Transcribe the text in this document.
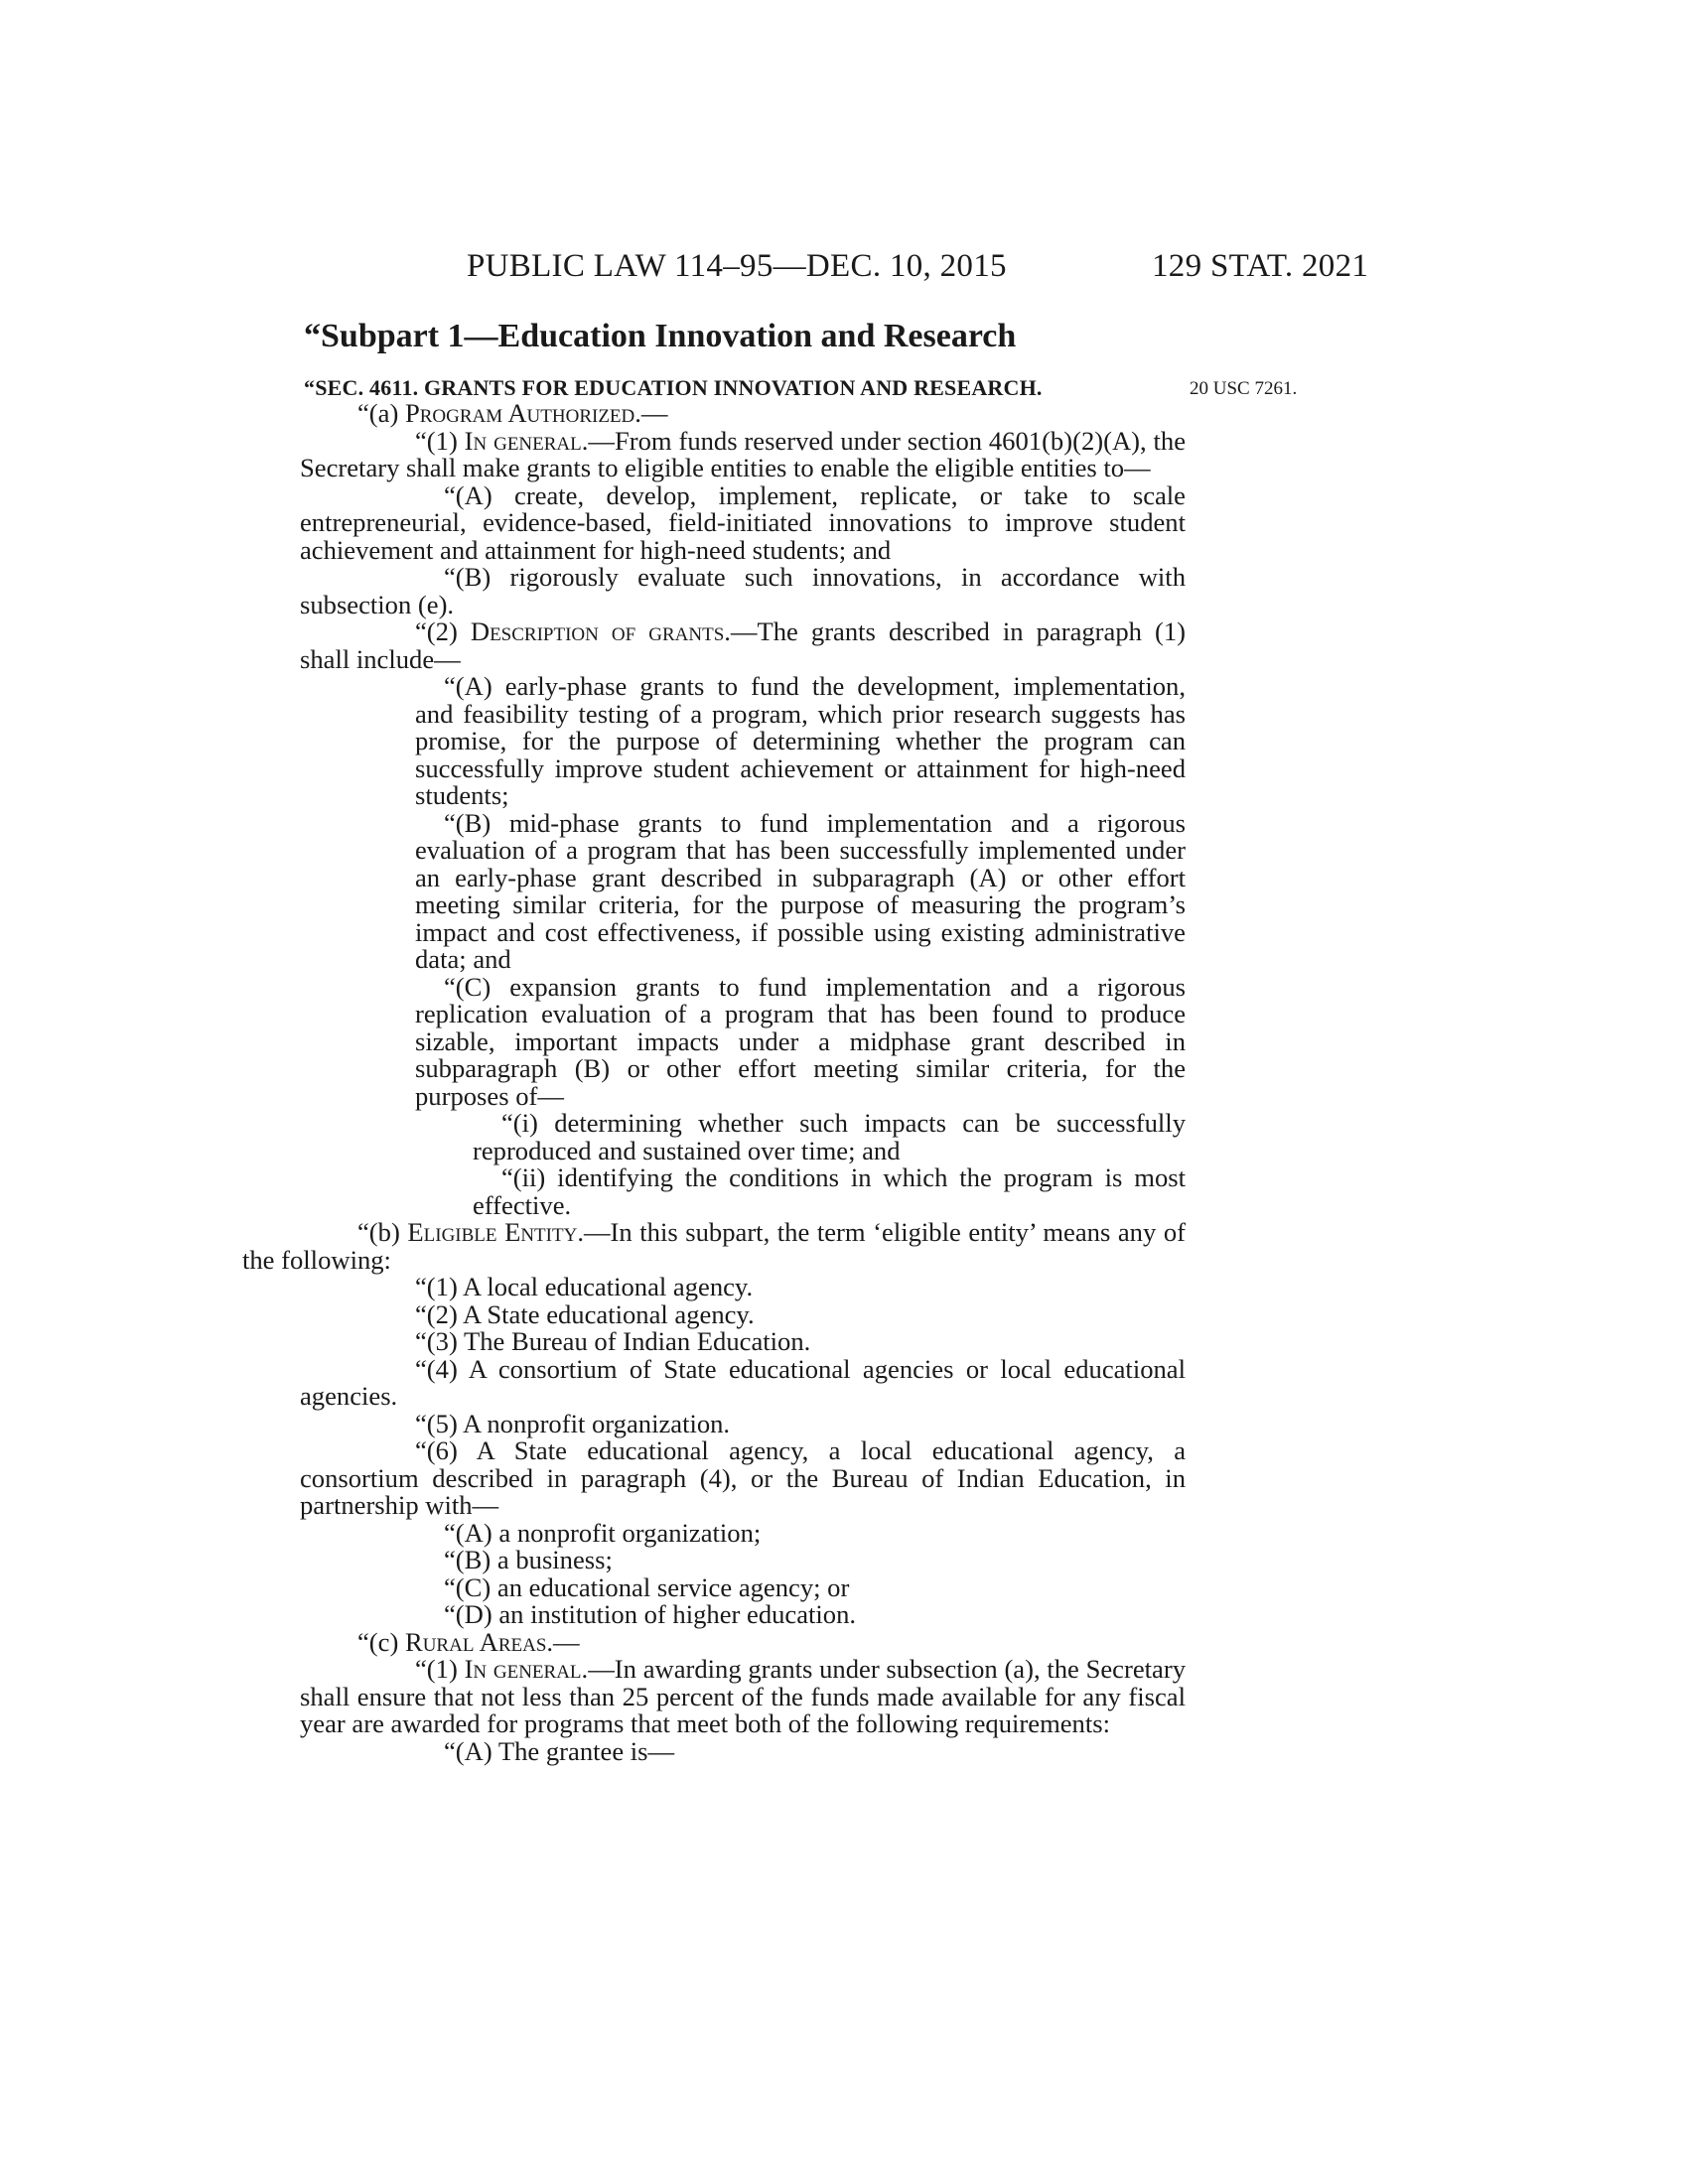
PUBLIC LAW 114–95—DEC. 10, 2015	129 STAT. 2021
“Subpart 1—Education Innovation and Research
“SEC. 4611. GRANTS FOR EDUCATION INNOVATION AND RESEARCH.	20 USC 7261.

“(a) Program Authorized.—

“(1) In general.—From funds reserved under section 4601(b)(2)(A), the Secretary shall make grants to eligible entities to enable the eligible entities to—

“(A) create, develop, implement, replicate, or take to scale entrepreneurial, evidence-based, field-initiated innovations to improve student achievement and attainment for high-need students; and

“(B) rigorously evaluate such innovations, in accordance with subsection (e).

“(2) Description of grants.—The grants described in paragraph (1) shall include—

“(A) early-phase grants to fund the development, implementation, and feasibility testing of a program, which prior research suggests has promise, for the purpose of determining whether the program can successfully improve student achievement or attainment for high-need students;

“(B) mid-phase grants to fund implementation and a rigorous evaluation of a program that has been successfully implemented under an early-phase grant described in subparagraph (A) or other effort meeting similar criteria, for the purpose of measuring the program’s impact and cost effectiveness, if possible using existing administrative data; and

“(C) expansion grants to fund implementation and a rigorous replication evaluation of a program that has been found to produce sizable, important impacts under a midphase grant described in subparagraph (B) or other effort meeting similar criteria, for the purposes of—

“(i) determining whether such impacts can be successfully reproduced and sustained over time; and

“(ii) identifying the conditions in which the program is most effective.

“(b) Eligible Entity.—In this subpart, the term ‘eligible entity’ means any of the following:

“(1) A local educational agency.

“(2) A State educational agency.

“(3) The Bureau of Indian Education.

“(4) A consortium of State educational agencies or local educational agencies.

“(5) A nonprofit organization.

“(6) A State educational agency, a local educational agency, a consortium described in paragraph (4), or the Bureau of Indian Education, in partnership with—

“(A) a nonprofit organization;

“(B) a business;

“(C) an educational service agency; or

“(D) an institution of higher education.

“(c) Rural Areas.—

“(1) In general.—In awarding grants under subsection (a), the Secretary shall ensure that not less than 25 percent of the funds made available for any fiscal year are awarded for programs that meet both of the following requirements:

“(A) The grantee is—
